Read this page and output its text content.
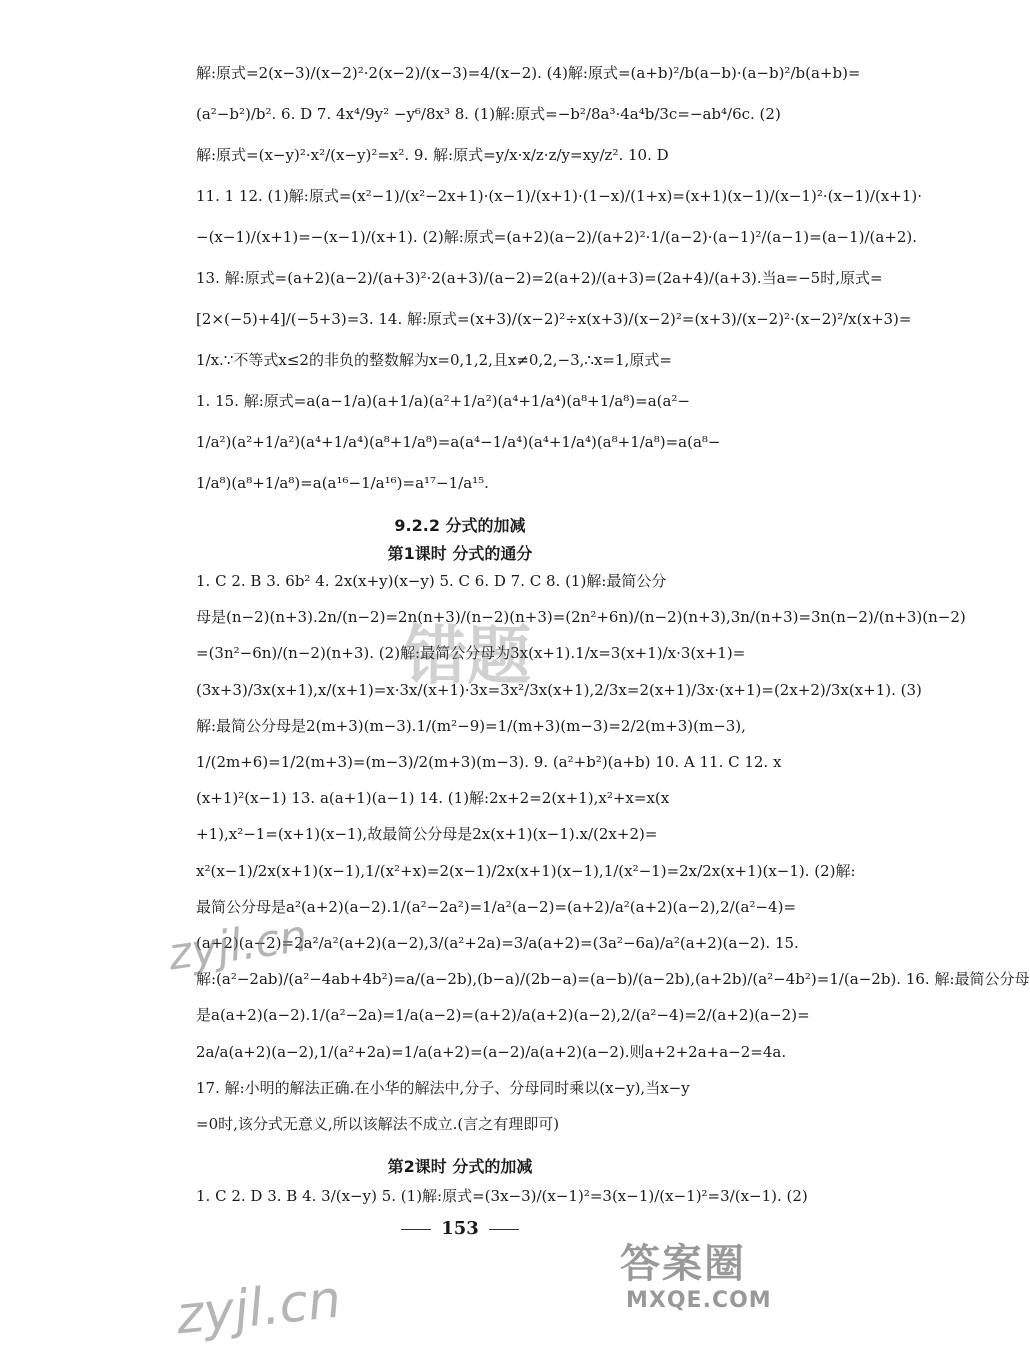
解:原式=2(x−3)/(x−2)²·2(x−2)/(x−3)=4/(x−2). (4)解:原式=(a+b)²/b(a−b)·(a−b)²/b(a+b)=
(a²−b²)/b². 6. D 7. 4x⁴/9y² −y⁶/8x³ 8. (1)解:原式=−b²/8a³·4a⁴b/3c=−ab⁴/6c. (2)
解:原式=(x−y)²·x²/(x−y)²=x². 9. 解:原式=y/x·x/z·z/y=xy/z². 10. D
11. 1 12. (1)解:原式=(x²−1)/(x²−2x+1)·(x−1)/(x+1)·(1−x)/(1+x)=(x+1)(x−1)/(x−1)²·(x−1)/(x+1)·
−(x−1)/(x+1)=−(x−1)/(x+1). (2)解:原式=(a+2)(a−2)/(a+2)²·1/(a−2)·(a−1)²/(a−1)=(a−1)/(a+2).
13. 解:原式=(a+2)(a−2)/(a+3)²·2(a+3)/(a−2)=2(a+2)/(a+3)=(2a+4)/(a+3).当a=−5时,原式=
[2×(−5)+4]/(−5+3)=3. 14. 解:原式=(x+3)/(x−2)²÷x(x+3)/(x−2)²=(x+3)/(x−2)²·(x−2)²/x(x+3)=
1/x.∵不等式x≤2的非负的整数解为x=0,1,2,且x≠0,2,−3,∴x=1,原式=
1. 15. 解:原式=a(a−1/a)(a+1/a)(a²+1/a²)(a⁴+1/a⁴)(a⁸+1/a⁸)=a(a²−
1/a²)(a²+1/a²)(a⁴+1/a⁴)(a⁸+1/a⁸)=a(a⁴−1/a⁴)(a⁴+1/a⁴)(a⁸+1/a⁸)=a(a⁸−
1/a⁸)(a⁸+1/a⁸)=a(a¹⁶−1/a¹⁶)=a¹⁷−1/a¹⁵.
9.2.2 分式的加减
第1课时 分式的通分
1. C 2. B 3. 6b² 4. 2x(x+y)(x−y) 5. C 6. D 7. C 8. (1)解:最简公分
母是(n−2)(n+3).2n/(n−2)=2n(n+3)/(n−2)(n+3)=(2n²+6n)/(n−2)(n+3),3n/(n+3)=3n(n−2)/(n+3)(n−2)
=(3n²−6n)/(n−2)(n+3). (2)解:最简公分母为3x(x+1).1/x=3(x+1)/x·3(x+1)=
(3x+3)/3x(x+1),x/(x+1)=x·3x/(x+1)·3x=3x²/3x(x+1),2/3x=2(x+1)/3x·(x+1)=(2x+2)/3x(x+1). (3)
解:最简公分母是2(m+3)(m−3).1/(m²−9)=1/(m+3)(m−3)=2/2(m+3)(m−3),
1/(2m+6)=1/2(m+3)=(m−3)/2(m+3)(m−3). 9. (a²+b²)(a+b) 10. A 11. C 12. x
(x+1)²(x−1) 13. a(a+1)(a−1) 14. (1)解:2x+2=2(x+1),x²+x=x(x
+1),x²−1=(x+1)(x−1),故最简公分母是2x(x+1)(x−1).x/(2x+2)=
x²(x−1)/2x(x+1)(x−1),1/(x²+x)=2(x−1)/2x(x+1)(x−1),1/(x²−1)=2x/2x(x+1)(x−1). (2)解:
最简公分母是a²(a+2)(a−2).1/(a²−2a²)=1/a²(a−2)=(a+2)/a²(a+2)(a−2),2/(a²−4)=
(a+2)(a−2)=2a²/a²(a+2)(a−2),3/(a²+2a)=3/a(a+2)=(3a²−6a)/a²(a+2)(a−2). 15.
解:(a²−2ab)/(a²−4ab+4b²)=a/(a−2b),(b−a)/(2b−a)=(a−b)/(a−2b),(a+2b)/(a²−4b²)=1/(a−2b). 16. 解:最简公分母
是a(a+2)(a−2).1/(a²−2a)=1/a(a−2)=(a+2)/a(a+2)(a−2),2/(a²−4)=2/(a+2)(a−2)=
2a/a(a+2)(a−2),1/(a²+2a)=1/a(a+2)=(a−2)/a(a+2)(a−2).则a+2+2a+a−2=4a.
17. 解:小明的解法正确.在小华的解法中,分子、分母同时乘以(x−y),当x−y
=0时,该分式无意义,所以该解法不成立.(言之有理即可)
第2课时 分式的加减
1. C 2. D 3. B 4. 3/(x−y) 5. (1)解:原式=(3x−3)/(x−1)²=3(x−1)/(x−1)²=3/(x−1). (2)
153
错题
zyjl.cn
zyjl.cn
答案圈
MXQE.COM
